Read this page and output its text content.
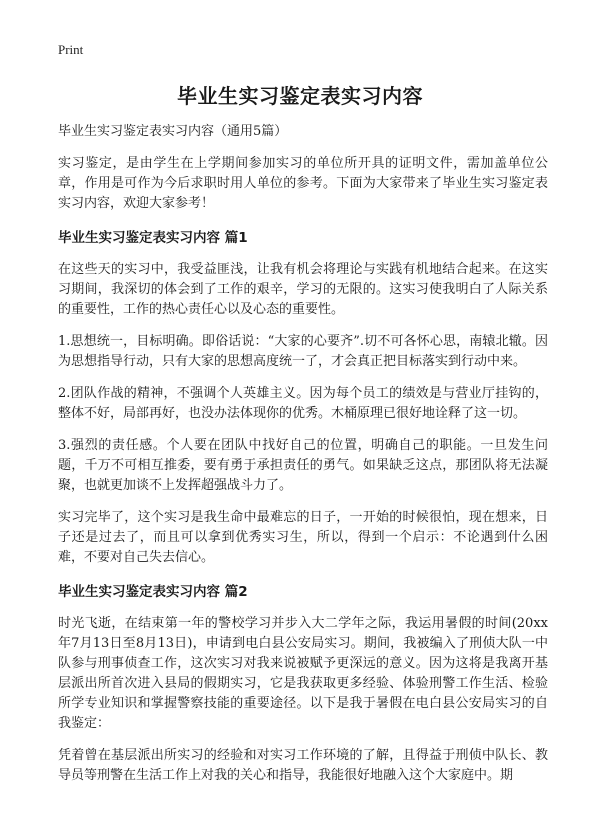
Print
毕业生实习鉴定表实习内容

毕业生实习鉴定表实习内容（通用5篇）

实习鉴定，是由学生在上学期间参加实习的单位所开具的证明文件，需加盖单位公章，作用是可作为今后求职时用人单位的参考。下面为大家带来了毕业生实习鉴定表实习内容，欢迎大家参考！

毕业生实习鉴定表实习内容 篇1

在这些天的实习中，我受益匪浅，让我有机会将理论与实践有机地结合起来。在这实习期间，我深切的体会到了工作的艰辛，学习的无限的。这实习使我明白了人际关系的重要性，工作的热心责任心以及心态的重要性。

1.思想统一，目标明确。即俗话说：“大家的心要齐”.切不可各怀心思，南辕北辙。因为思想指导行动，只有大家的思想高度统一了，才会真正把目标落实到行动中来。

2.团队作战的精神，不强调个人英雄主义。因为每个员工的绩效是与营业厅挂钩的，整体不好，局部再好，也没办法体现你的优秀。木桶原理已很好地诠释了这一切。

3.强烈的责任感。个人要在团队中找好自己的位置，明确自己的职能。一旦发生问题，千万不可相互推委，要有勇于承担责任的勇气。如果缺乏这点，那团队将无法凝聚，也就更加谈不上发挥超强战斗力了。

实习完毕了，这个实习是我生命中最难忘的日子，一开始的时候很怕，现在想来，日子还是过去了，而且可以拿到优秀实习生，所以，得到一个启示：不论遇到什么困难，不要对自己失去信心。

毕业生实习鉴定表实习内容 篇2

时光飞逝，在结束第一年的警校学习并步入大二学年之际，我运用暑假的时间(20xx年7月13日至8月13日)，申请到电白县公安局实习。期间，我被编入了刑侦大队一中队参与刑事侦查工作，这次实习对我来说被赋予更深远的意义。因为这将是我离开基层派出所首次进入县局的假期实习，它是我获取更多经验、体验刑警工作生活、检验所学专业知识和掌握警察技能的重要途径。以下是我于暑假在电白县公安局实习的自我鉴定：

凭着曾在基层派出所实习的经验和对实习工作环境的了解，且得益于刑侦中队长、教导员等刑警在生活工作上对我的关心和指导，我能很好地融入这个大家庭中。期
